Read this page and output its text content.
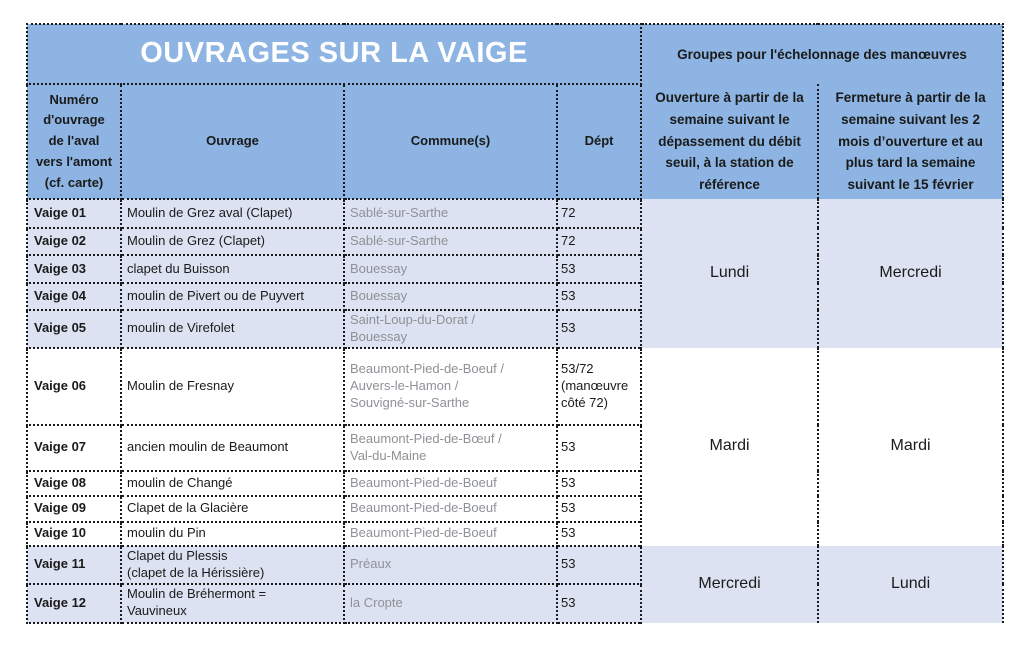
OUVRAGES SUR LA VAIGE				Groupes pour l'échelonnage des manœuvres	
Numéro
d'ouvrage
de l'aval
vers l'amont
(cf. carte)	Ouvrage	Commune(s)	Dépt	Ouverture à partir de la
semaine suivant le
dépassement du débit
seuil, à la station de
référence	Fermeture à partir de la
semaine suivant les 2
mois d’ouverture et au
plus tard la semaine
suivant le 15 février
Vaige 01	Moulin de Grez aval (Clapet)	Sablé-sur-Sarthe	72	Lundi	Mercredi
Vaige 02	Moulin de Grez (Clapet)	Sablé-sur-Sarthe	72		
Vaige 03	clapet du Buisson	Bouessay	53		
Vaige 04	moulin de Pivert ou de Puyvert	Bouessay	53		
Vaige 05	moulin de Virefolet	Saint-Loup-du-Dorat /
Bouessay	53		
Vaige 06	Moulin de Fresnay	Beaumont-Pied-de-Boeuf /
Auvers-le-Hamon /
Souvigné-sur-Sarthe	53/72
(manœuvre
côté 72)	Mardi	Mardi
Vaige 07	ancien moulin de Beaumont	Beaumont-Pied-de-Bœuf /
Val-du-Maine	53		
Vaige 08	moulin de Changé	Beaumont-Pied-de-Boeuf	53		
Vaige 09	Clapet de la Glacière	Beaumont-Pied-de-Boeuf	53		
Vaige 10	moulin du Pin	Beaumont-Pied-de-Boeuf	53		
Vaige 11	Clapet du Plessis
(clapet de la Hérissière)	Préaux	53	Mercredi	Lundi
Vaige 12	Moulin de Bréhermont =
Vauvineux	la Cropte	53		
